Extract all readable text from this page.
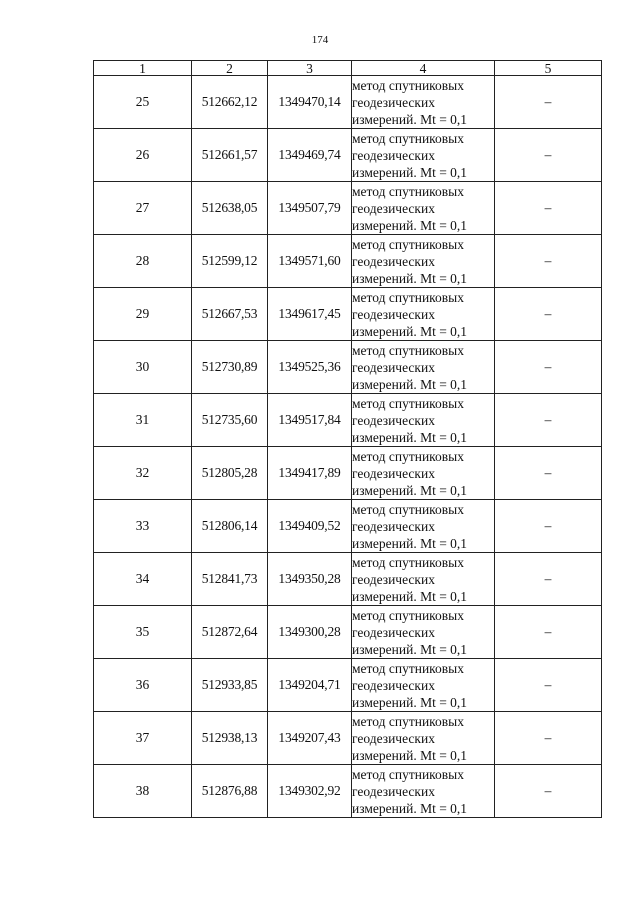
174
1	2	3	4	5
25	512662,12	1349470,14	метод спутниковых
геодезических
измерений. Mt = 0,1	–
26	512661,57	1349469,74	метод спутниковых
геодезических
измерений. Mt = 0,1	–
27	512638,05	1349507,79	метод спутниковых
геодезических
измерений. Mt = 0,1	–
28	512599,12	1349571,60	метод спутниковых
геодезических
измерений. Mt = 0,1	–
29	512667,53	1349617,45	метод спутниковых
геодезических
измерений. Mt = 0,1	–
30	512730,89	1349525,36	метод спутниковых
геодезических
измерений. Mt = 0,1	–
31	512735,60	1349517,84	метод спутниковых
геодезических
измерений. Mt = 0,1	–
32	512805,28	1349417,89	метод спутниковых
геодезических
измерений. Mt = 0,1	–
33	512806,14	1349409,52	метод спутниковых
геодезических
измерений. Mt = 0,1	–
34	512841,73	1349350,28	метод спутниковых
геодезических
измерений. Mt = 0,1	–
35	512872,64	1349300,28	метод спутниковых
геодезических
измерений. Mt = 0,1	–
36	512933,85	1349204,71	метод спутниковых
геодезических
измерений. Mt = 0,1	–
37	512938,13	1349207,43	метод спутниковых
геодезических
измерений. Mt = 0,1	–
38	512876,88	1349302,92	метод спутниковых
геодезических
измерений. Mt = 0,1	–
